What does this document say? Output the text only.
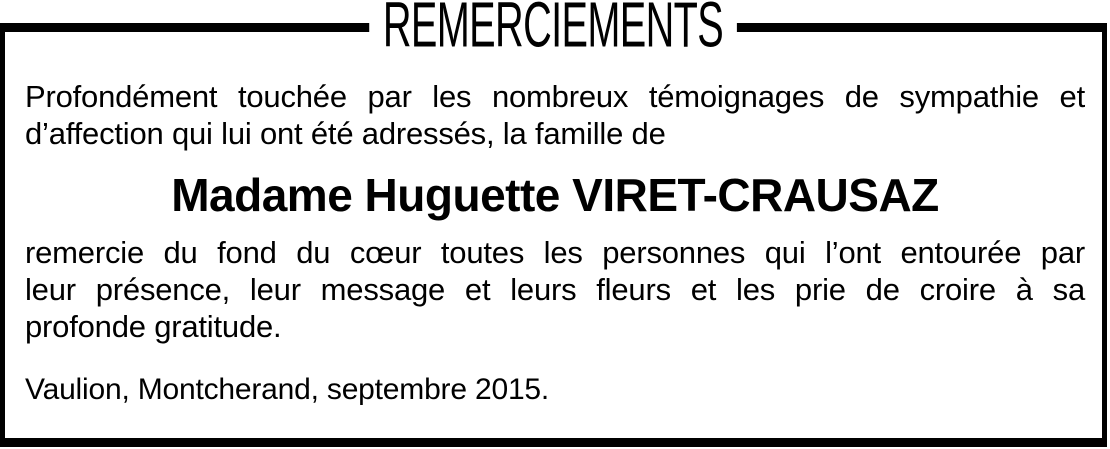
REMERCIEMENTS

Profondément touchée par les nombreux témoignages de sympathie et
d’affection qui lui ont été adressés, la famille de

Madame Huguette VIRET-CRAUSAZ

remercie du fond du cœur toutes les personnes qui l’ont entourée par
leur présence, leur message et leurs fleurs et les prie de croire à sa
profonde gratitude.

Vaulion, Montcherand, septembre 2015.
